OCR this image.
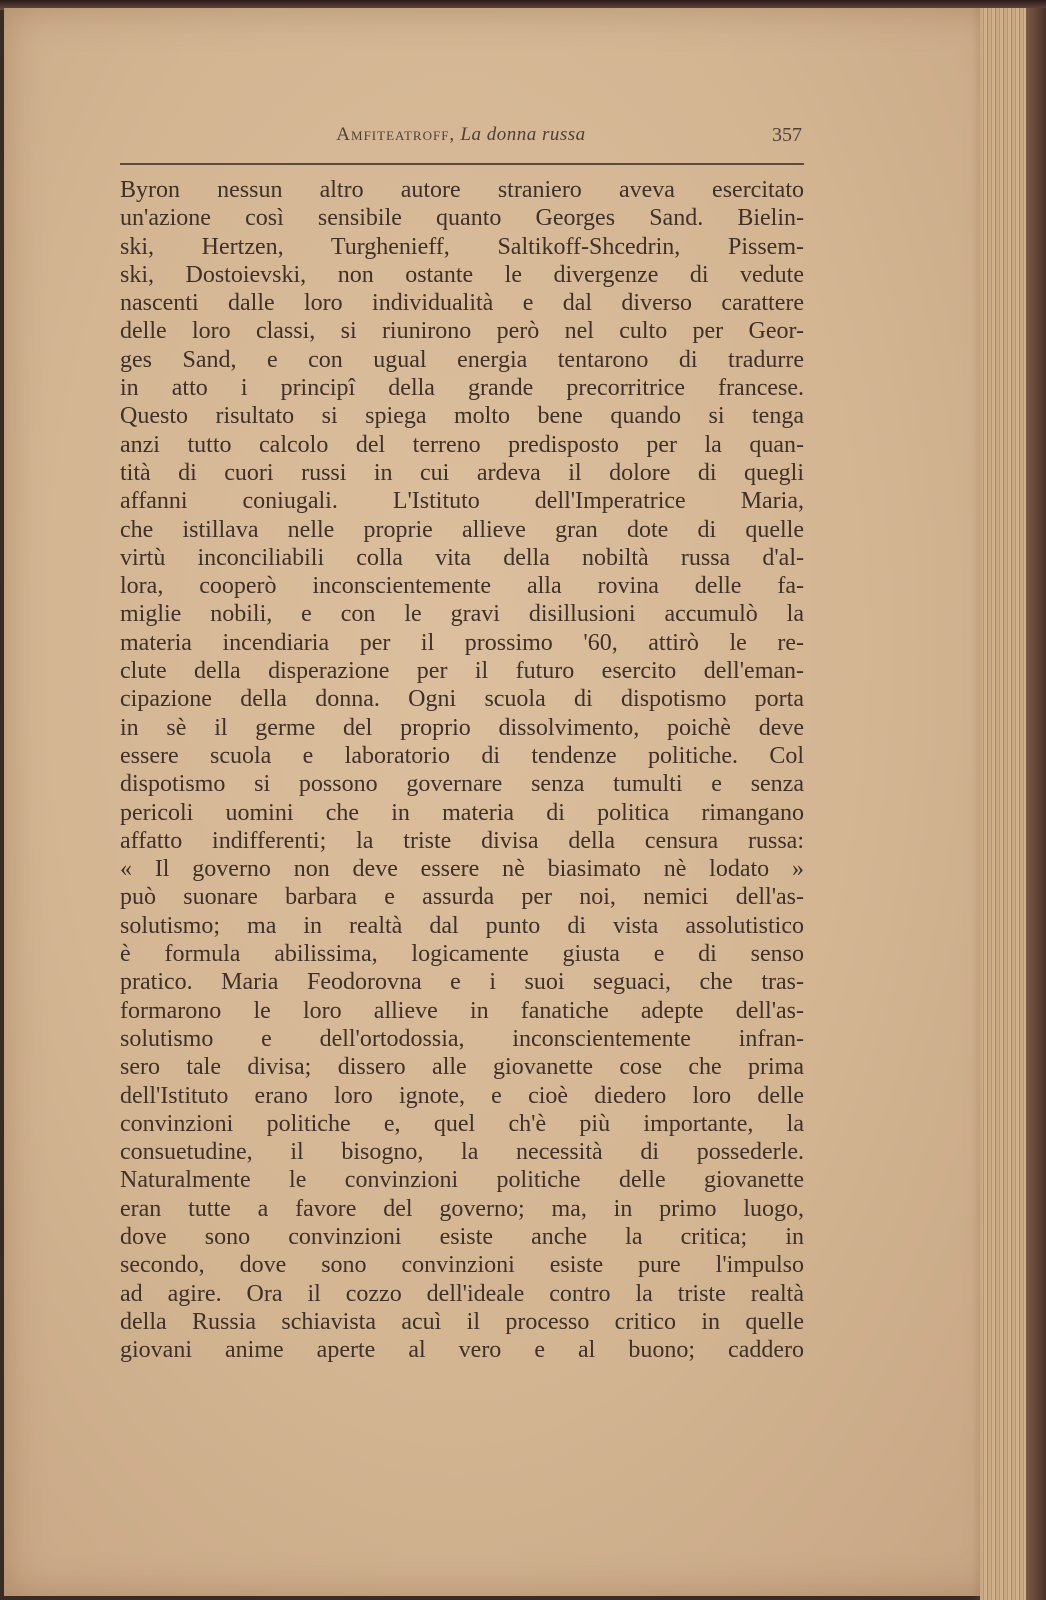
Amfiteatroff, La donna russa	357
Byron nessun altro autore straniero aveva esercitato
un'azione così sensibile quanto Georges Sand. Bielin-
ski, Hertzen, Turghenieff, Saltikoff-Shcedrin, Pissem-
ski, Dostoievski, non ostante le divergenze di vedute
nascenti dalle loro individualità e dal diverso carattere
delle loro classi, si riunirono però nel culto per Geor-
ges Sand, e con ugual energia tentarono di tradurre
in atto i principî della grande precorritrice francese.
Questo risultato si spiega molto bene quando si tenga
anzi tutto calcolo del terreno predisposto per la quan-
tità di cuori russi in cui ardeva il dolore di quegli
affanni coniugali. L'Istituto dell'Imperatrice Maria,
che istillava nelle proprie allieve gran dote di quelle
virtù inconciliabili colla vita della nobiltà russa d'al-
lora, cooperò inconscientemente alla rovina delle fa-
miglie nobili, e con le gravi disillusioni accumulò la
materia incendiaria per il prossimo '60, attirò le re-
clute della disperazione per il futuro esercito dell'eman-
cipazione della donna. Ogni scuola di dispotismo porta
in sè il germe del proprio dissolvimento, poichè deve
essere scuola e laboratorio di tendenze politiche. Col
dispotismo si possono governare senza tumulti e senza
pericoli uomini che in materia di politica rimangano
affatto indifferenti; la triste divisa della censura russa:
« Il governo non deve essere nè biasimato nè lodato »
può suonare barbara e assurda per noi, nemici dell'as-
solutismo; ma in realtà dal punto di vista assolutistico
è formula abilissima, logicamente giusta e di senso
pratico. Maria Feodorovna e i suoi seguaci, che tras-
formarono le loro allieve in fanatiche adepte dell'as-
solutismo e dell'ortodossia, inconscientemente infran-
sero tale divisa; dissero alle giovanette cose che prima
dell'Istituto erano loro ignote, e cioè diedero loro delle
convinzioni politiche e, quel ch'è più importante, la
consuetudine, il bisogno, la necessità di possederle.
Naturalmente le convinzioni politiche delle giovanette
eran tutte a favore del governo; ma, in primo luogo,
dove sono convinzioni esiste anche la critica; in
secondo, dove sono convinzioni esiste pure l'impulso
ad agire. Ora il cozzo dell'ideale contro la triste realtà
della Russia schiavista acuì il processo critico in quelle
giovani anime aperte al vero e al buono; caddero
